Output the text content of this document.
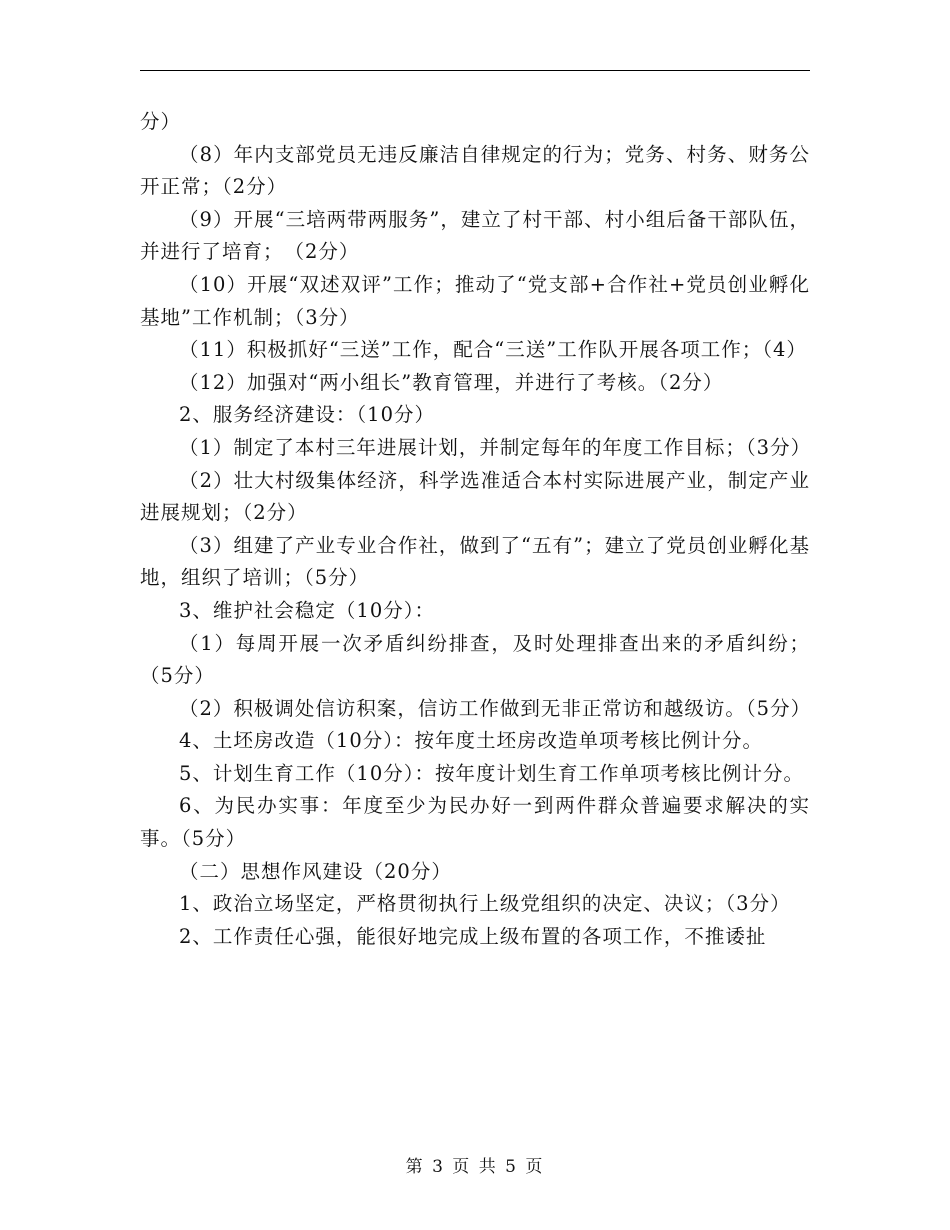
分）

（8）年内支部党员无违反廉洁自律规定的行为；党务、村务、财务公开正常；（2分）

（9）开展“三培两带两服务”，建立了村干部、村小组后备干部队伍，并进行了培育；　（2分）

（10）开展“双述双评”工作；推动了“党支部+合作社+党员创业孵化基地”工作机制；（3分）

（11）积极抓好“三送”工作，配合“三送”工作队开展各项工作；（4）

（12）加强对“两小组长”教育管理，并进行了考核。（2分）

2、服务经济建设：（10分）

（1）制定了本村三年进展计划，并制定每年的年度工作目标；（3分）

（2）壮大村级集体经济，科学选准适合本村实际进展产业，制定产业进展规划；（2分）

（3）组建了产业专业合作社，做到了“五有”；建立了党员创业孵化基地，组织了培训；（5分）

3、维护社会稳定（10分）：

（1）每周开展一次矛盾纠纷排查，及时处理排查出来的矛盾纠纷；（5分）

（2）积极调处信访积案，信访工作做到无非正常访和越级访。（5分）

4、土坯房改造（10分）：按年度土坯房改造单项考核比例计分。

5、计划生育工作（10分）：按年度计划生育工作单项考核比例计分。

6、为民办实事：年度至少为民办好一到两件群众普遍要求解决的实事。（5分）

（二）思想作风建设（20分）

1、政治立场坚定，严格贯彻执行上级党组织的决定、决议；（3分）

2、工作责任心强，能很好地完成上级布置的各项工作，不推诿扯

第 3 页 共 5 页
